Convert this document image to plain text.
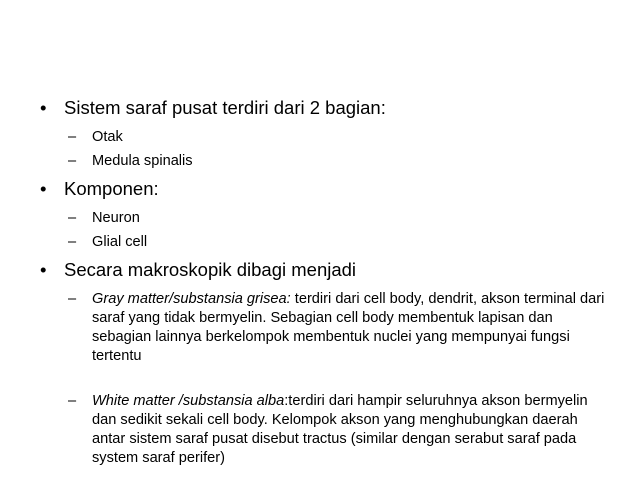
• Sistem saraf pusat terdiri dari 2 bagian:
– Otak
– Medula spinalis
• Komponen:
– Neuron
– Glial cell
• Secara makroskopik dibagi menjadi
– Gray matter/substansia grisea: terdiri dari cell body, dendrit, akson terminal dari saraf yang tidak bermyelin. Sebagian cell body membentuk lapisan dan sebagian lainnya berkelompok membentuk nuclei yang mempunyai fungsi tertentu
– White matter /substansia alba:terdiri dari hampir seluruhnya akson bermyelin dan sedikit sekali cell body. Kelompok akson yang menghubungkan daerah antar sistem saraf pusat disebut tractus (similar dengan serabut saraf pada system saraf perifer)
